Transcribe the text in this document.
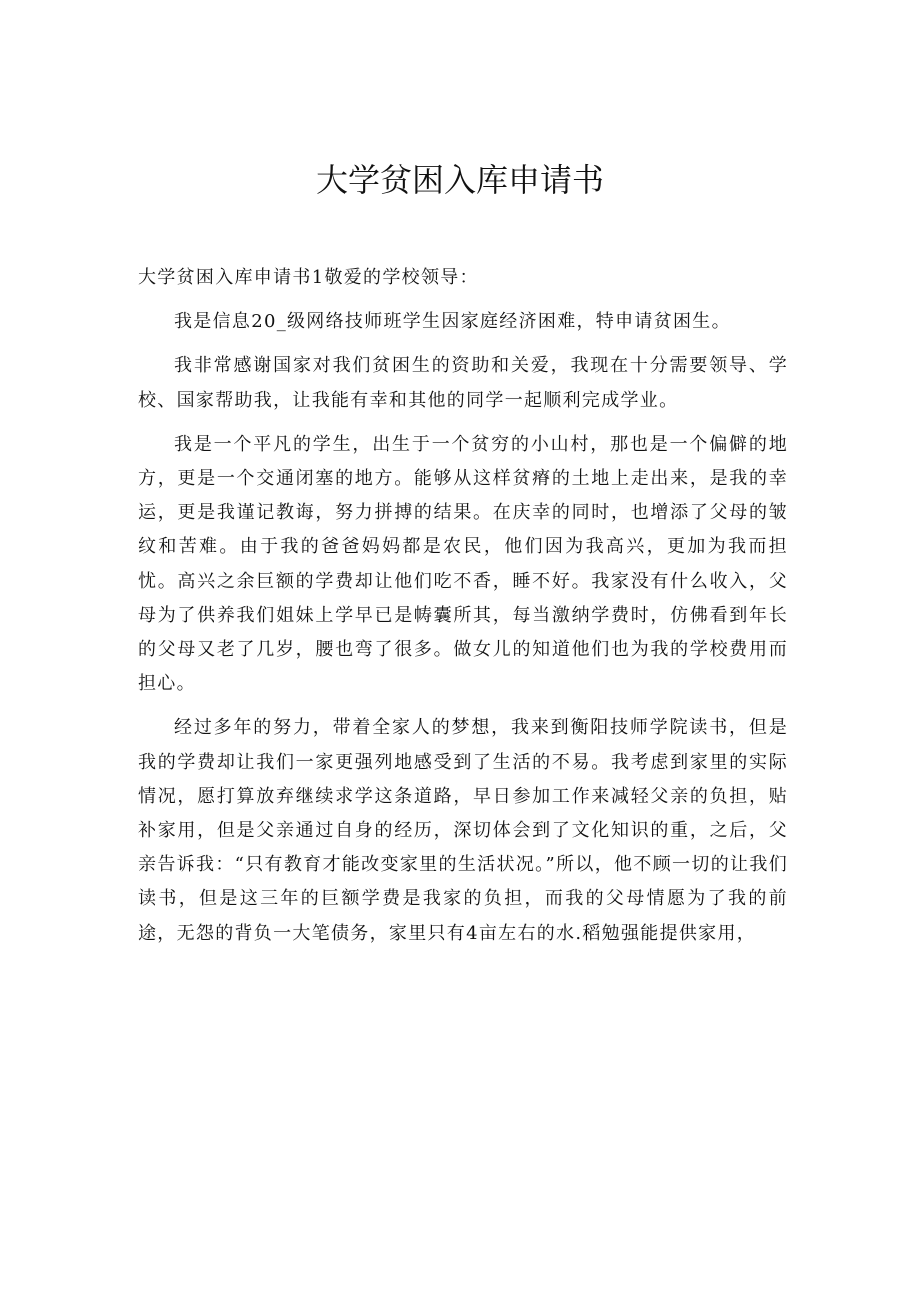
大学贫困入库申请书

大学贫困入库申请书1敬爱的学校领导：

我是信息20_级网络技师班学生因家庭经济困难，特申请贫困生。

我非常感谢国家对我们贫困生的资助和关爱，我现在十分需要领导、学校、国家帮助我，让我能有幸和其他的同学一起顺利完成学业。

我是一个平凡的学生，出生于一个贫穷的小山村，那也是一个偏僻的地方，更是一个交通闭塞的地方。能够从这样贫瘠的土地上走出来，是我的幸运，更是我谨记教诲，努力拼搏的结果。在庆幸的同时，也增添了父母的皱纹和苦难。由于我的爸爸妈妈都是农民，他们因为我高兴，更加为我而担忧。高兴之余巨额的学费却让他们吃不香，睡不好。我家没有什么收入，父母为了供养我们姐妹上学早已是帱囊所其，每当激纳学费时，仿佛看到年长的父母又老了几岁，腰也弯了很多。做女儿的知道他们也为我的学校费用而担心。

经过多年的努力，带着全家人的梦想，我来到衡阳技师学院读书，但是我的学费却让我们一家更强列地感受到了生活的不易。我考虑到家里的实际情况，愿打算放弃继续求学这条道路，早日参加工作来减轻父亲的负担，贴补家用，但是父亲通过自身的经历，深切体会到了文化知识的重，之后，父亲告诉我：“只有教育才能改变家里的生活状况。”所以，他不顾一切的让我们读书，但是这三年的巨额学费是我家的负担，而我的父母情愿为了我的前途，无怨的背负一大笔债务，家里只有4亩左右的水.稻勉强能提供家用，
